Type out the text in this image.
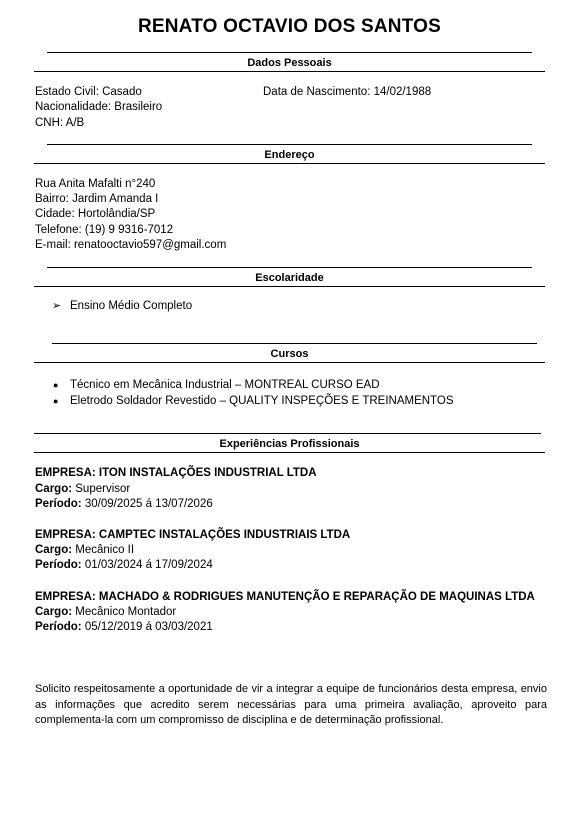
RENATO OCTAVIO DOS SANTOS
Dados Pessoais
Estado Civil: Casado	Data de Nascimento: 14/02/1988
Nacionalidade: Brasileiro
CNH: A/B
Endereço
Rua Anita Mafalti n°240
Bairro: Jardim Amanda I
Cidade: Hortolândia/SP
Telefone: (19) 9 9316-7012
E-mail: renatooctavio597@gmail.com
Escolaridade
➢ Ensino Médio Completo
Cursos
● Técnico em Mecânica Industrial – MONTREAL CURSO EAD
● Eletrodo Soldador Revestido – QUALITY INSPEÇÕES E TREINAMENTOS
Experiências Profissionais
EMPRESA: ITON INSTALAÇÕES INDUSTRIAL LTDA
Cargo: Supervisor
Período: 30/09/2025 á 13/07/2026
EMPRESA: CAMPTEC INSTALAÇÕES INDUSTRIAIS LTDA
Cargo: Mecânico II
Período: 01/03/2024 á 17/09/2024
EMPRESA: MACHADO & RODRIGUES MANUTENÇÃO E REPARAÇÃO DE MAQUINAS LTDA
Cargo: Mecânico Montador
Período: 05/12/2019 á 03/03/2021
Solicito respeitosamente a oportunidade de vir a integrar a equipe de funcionários desta empresa, envio as informações que acredito serem necessárias para uma primeira avaliação, aproveito para complementa-la com um compromisso de disciplina e de determinação profissional.
